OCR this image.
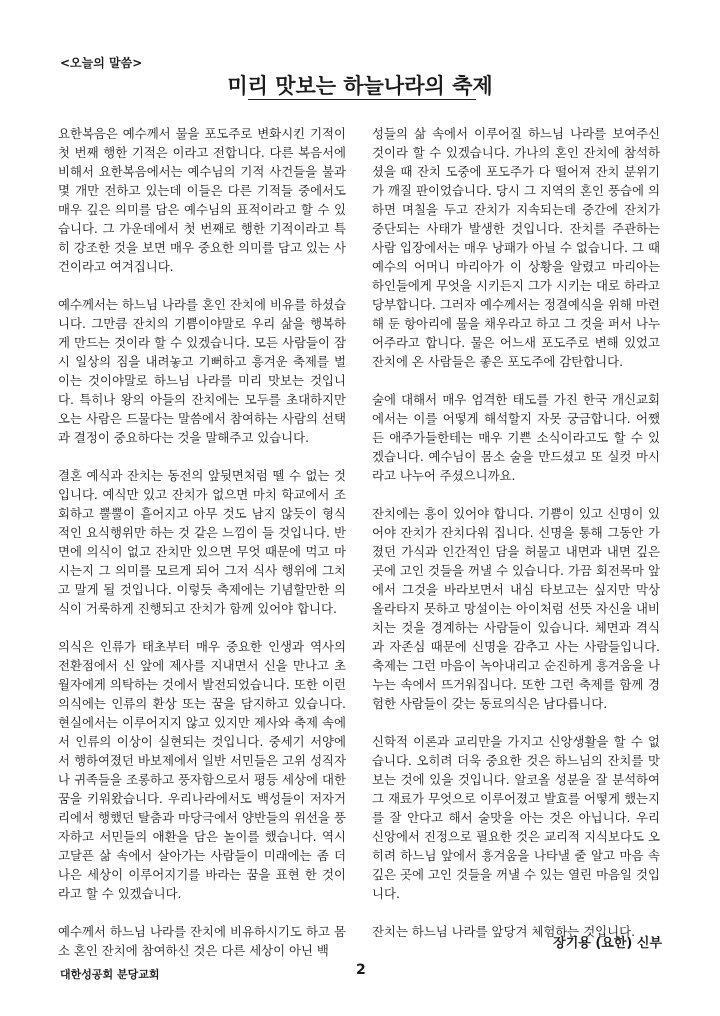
<오늘의 말씀>
미리 맛보는 하늘나라의 축제

요한복음은 예수께서 물을 포도주로 변화시킨 기적이 첫 번째 행한 기적은 이라고 전합니다. 다른 복음서에 비해서 요한복음에서는 예수님의 기적 사건들을 불과 몇 개만 전하고 있는데 이들은 다른 기적들 중에서도 매우 깊은 의미를 담은 예수님의 표적이라고 할 수 있습니다. 그 가운데에서 첫 번째로 행한 기적이라고 특히 강조한 것을 보면 매우 중요한 의미를 담고 있는 사건이라고 여겨집니다.

예수께서는 하느님 나라를 혼인 잔치에 비유를 하셨습니다. 그만큼 잔치의 기쁨이야말로 우리 삶을 행복하게 만드는 것이라 할 수 있겠습니다. 모든 사람들이 잠시 일상의 짐을 내려놓고 기뻐하고 흥겨운 축제를 벌이는 것이야말로 하느님 나라를 미리 맛보는 것입니다. 특히나 왕의 아들의 잔치에는 모두를 초대하지만 오는 사람은 드물다는 말씀에서 참여하는 사람의 선택과 결정이 중요하다는 것을 말해주고 있습니다.

결혼 예식과 잔치는 동전의 앞뒷면처럼 뗄 수 없는 것입니다. 예식만 있고 잔치가 없으면 마치 학교에서 조회하고 뿔뿔이 흩어지고 아무 것도 남지 않듯이 형식적인 요식행위만 하는 것 같은 느낌이 들 것입니다. 반면에 의식이 없고 잔치만 있으면 무엇 때문에 먹고 마시는지 그 의미를 모르게 되어 그저 식사 행위에 그치고 말게 될 것입니다. 이렇듯 축제에는 기념할만한 의식이 거룩하게 진행되고 잔치가 함께 있어야 합니다.

의식은 인류가 태초부터 매우 중요한 인생과 역사의 전환점에서 신 앞에 제사를 지내면서 신을 만나고 초월자에게 의탁하는 것에서 발전되었습니다. 또한 이런 의식에는 인류의 환상 또는 꿈을 담지하고 있습니다. 현실에서는 이루어지지 않고 있지만 제사와 축제 속에서 인류의 이상이 실현되는 것입니다. 중세기 서양에서 행하여졌던 바보제에서 일반 서민들은 고위 성직자나 귀족들을 조롱하고 풍자함으로서 평등 세상에 대한 꿈을 키워왔습니다. 우리나라에서도 백성들이 저자거리에서 행했던 탈춤과 마당극에서 양반들의 위선을 풍자하고 서민들의 애환을 담은 놀이를 했습니다. 역시 고달픈 삶 속에서 살아가는 사람들이 미래에는 좀 더 나은 세상이 이루어지기를 바라는 꿈을 표현 한 것이라고 할 수 있겠습니다.

예수께서 하느님 나라를 잔치에 비유하시기도 하고 몸소 혼인 잔치에 참여하신 것은 다른 세상이 아닌 백

성들의 삶 속에서 이루어질 하느님 나라를 보여주신 것이라 할 수 있겠습니다. 가나의 혼인 잔치에 참석하셨을 때 잔치 도중에 포도주가 다 떨어져 잔치 분위기가 깨질 판이었습니다. 당시 그 지역의 혼인 풍습에 의하면 며칠을 두고 잔치가 지속되는데 중간에 잔치가 중단되는 사태가 발생한 것입니다. 잔치를 주관하는 사람 입장에서는 매우 낭패가 아닐 수 없습니다. 그 때 예수의 어머니 마리아가 이 상황을 알렸고 마리아는 하인들에게 무엇을 시키든지 그가 시키는 대로 하라고 당부합니다. 그러자 예수께서는 정결예식을 위해 마련해 둔 항아리에 물을 채우라고 하고 그 것을 퍼서 나누어주라고 합니다. 물은 어느새 포도주로 변해 있었고 잔치에 온 사람들은 좋은 포도주에 감탄합니다.

술에 대해서 매우 엄격한 태도를 가진 한국 개신교회에서는 이를 어떻게 해석할지 자못 궁금합니다. 어쨌든 애주가들한테는 매우 기쁜 소식이라고도 할 수 있겠습니다. 예수님이 몸소 술을 만드셨고 또 실컷 마시라고 나누어 주셨으니까요.

잔치에는 흥이 있어야 합니다. 기쁨이 있고 신명이 있어야 잔치가 잔치다워 집니다. 신명을 통해 그동안 가졌던 가식과 인간적인 담을 허물고 내면과 내면 깊은 곳에 고인 것들을 꺼낼 수 있습니다. 가끔 회전목마 앞에서 그것을 바라보면서 내심 타보고는 싶지만 막상 올라타지 못하고 망설이는 아이처럼 선뜻 자신을 내비치는 것을 경계하는 사람들이 있습니다. 체면과 격식과 자존심 때문에 신명을 감추고 사는 사람들입니다. 축제는 그런 마음이 녹아내리고 순진하게 흥겨움을 나누는 속에서 뜨거워집니다. 또한 그런 축제를 함께 경험한 사람들이 갖는 동료의식은 남다릅니다.

신학적 이론과 교리만을 가지고 신앙생활을 할 수 없습니다. 오히려 더욱 중요한 것은 하느님의 잔치를 맛보는 것에 있을 것입니다. 알코올 성분을 잘 분석하여 그 재료가 무엇으로 이루어졌고 발효를 어떻게 했는지를 잘 안다고 해서 술맛을 아는 것은 아닙니다. 우리 신앙에서 진정으로 필요한 것은 교리적 지식보다도 오히려 하느님 앞에서 흥겨움을 나타낼 줄 알고 마음 속 깊은 곳에 고인 것들을 꺼낼 수 있는 열린 마음일 것입니다.

잔치는 하느님 나라를 앞당겨 체험하는 것입니다.

장기용 (요한) 신부
대한성공회 분당교회	2
